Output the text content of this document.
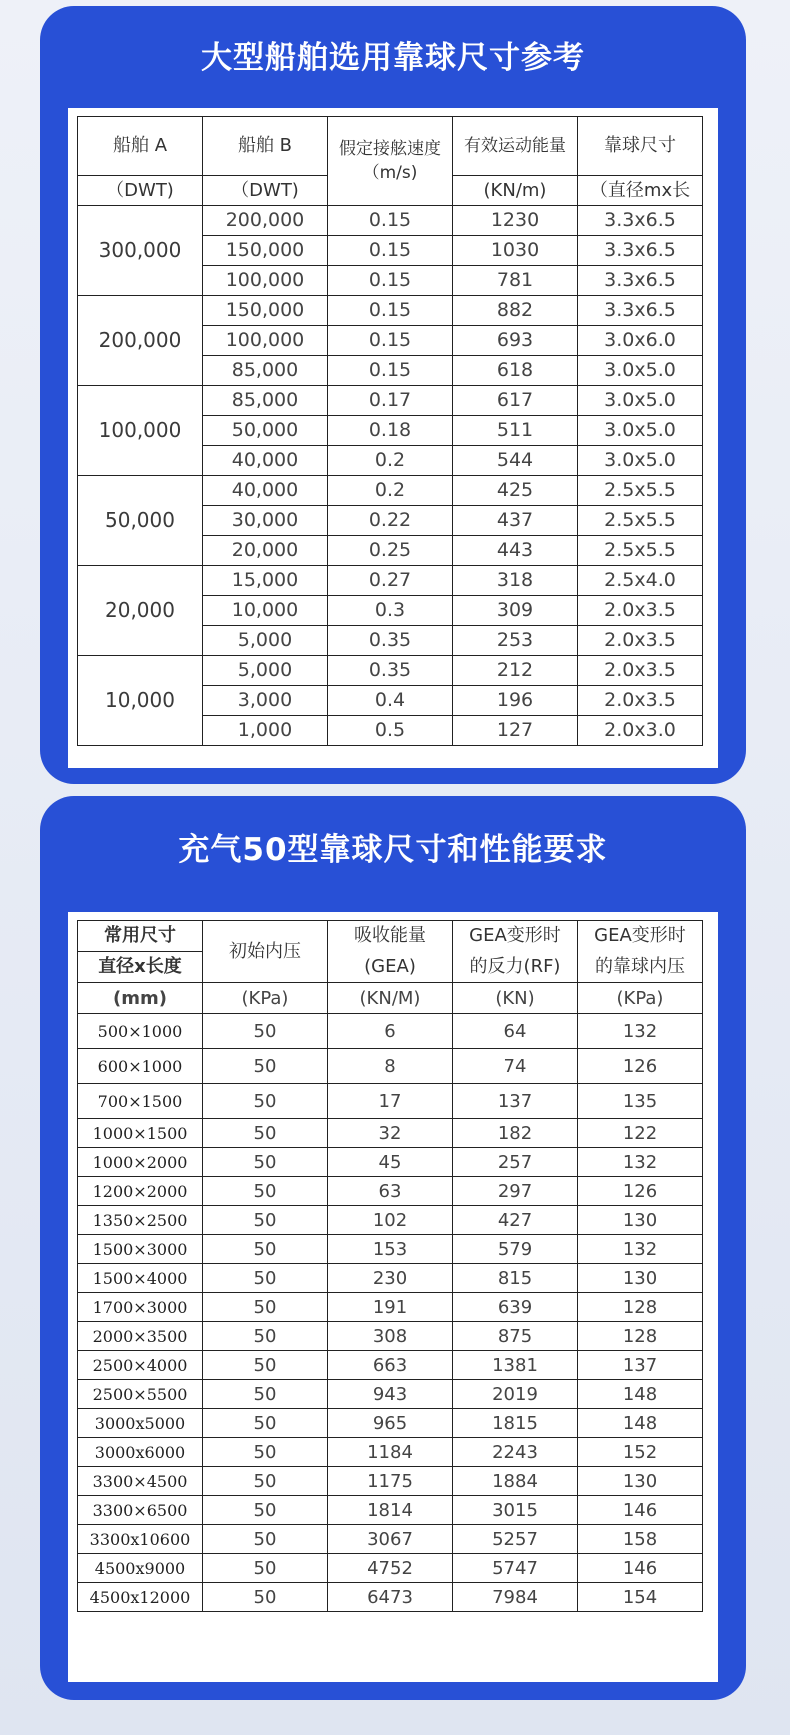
大型船舶选用靠球尺寸参考
船舶 A	船舶 B	假定接舷速度（m/s)	有效运动能量	靠球尺寸
（DWT)	（DWT)		(KN/m)	（直径mx长
300,000	200,000	0.15	1230	3.3x6.5
	150,000	0.15	1030	3.3x6.5
	100,000	0.15	781	3.3x6.5
200,000	150,000	0.15	882	3.3x6.5
	100,000	0.15	693	3.0x6.0
	85,000	0.15	618	3.0x5.0
100,000	85,000	0.17	617	3.0x5.0
	50,000	0.18	511	3.0x5.0
	40,000	0.2	544	3.0x5.0
50,000	40,000	0.2	425	2.5x5.5
	30,000	0.22	437	2.5x5.5
	20,000	0.25	443	2.5x5.5
20,000	15,000	0.27	318	2.5x4.0
	10,000	0.3	309	2.0x3.5
	5,000	0.35	253	2.0x3.5
10,000	5,000	0.35	212	2.0x3.5
	3,000	0.4	196	2.0x3.5
	1,000	0.5	127	2.0x3.0
充气50型靠球尺寸和性能要求
常用尺寸	初始内压	吸收能量	GEA变形时	GEA变形时
直径x长度		(GEA)	的反力(RF)	的靠球内压
(mm)	(KPa)	(KN/M)	(KN)	(KPa)
500×1000	50	6	64	132
600×1000	50	8	74	126
700×1500	50	17	137	135
1000×1500	50	32	182	122
1000×2000	50	45	257	132
1200×2000	50	63	297	126
1350×2500	50	102	427	130
1500×3000	50	153	579	132
1500×4000	50	230	815	130
1700×3000	50	191	639	128
2000×3500	50	308	875	128
2500×4000	50	663	1381	137
2500×5500	50	943	2019	148
3000x5000	50	965	1815	148
3000x6000	50	1184	2243	152
3300×4500	50	1175	1884	130
3300×6500	50	1814	3015	146
3300x10600	50	3067	5257	158
4500x9000	50	4752	5747	146
4500x12000	50	6473	7984	154
